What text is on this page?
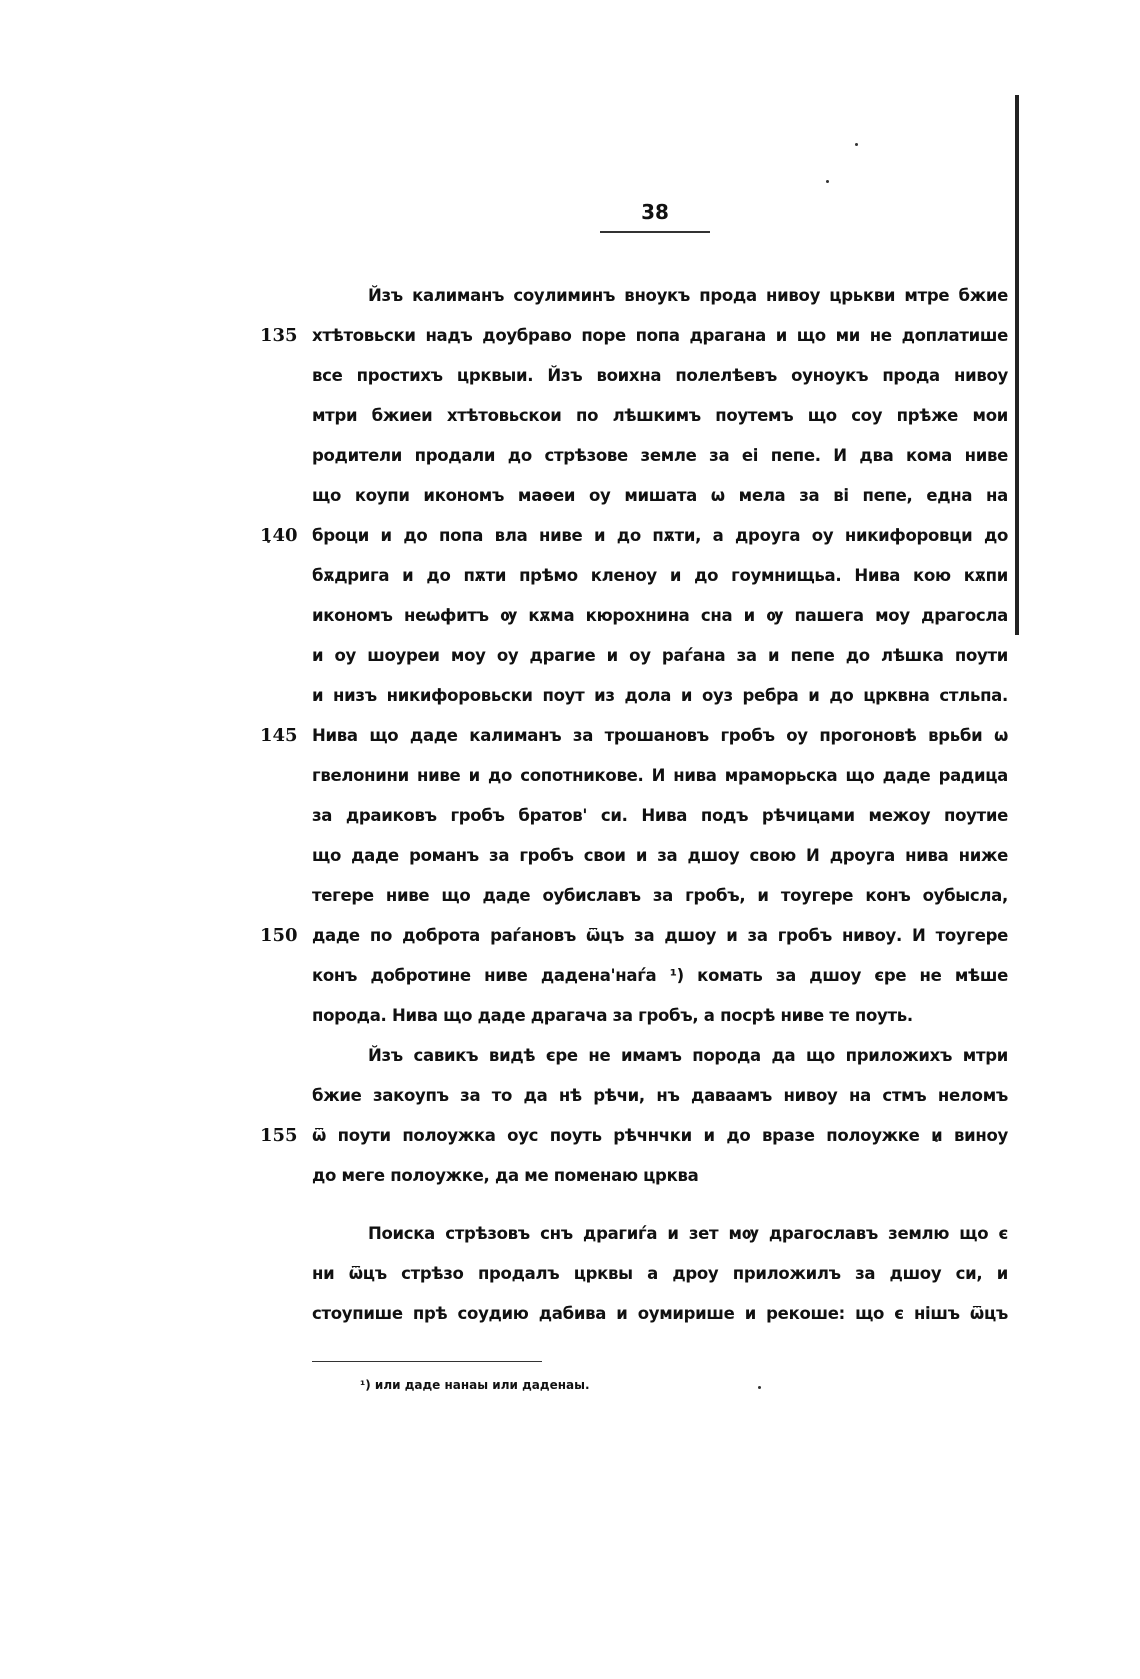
38
Йзъ калиманъ соулиминъ вноукъ прода нивоу црькви мтре бжие
135 хтѣтовьски надъ доубраво поре попа драгана и що ми не доплатише
все простихъ црквыи. Йзъ воихна полелѣевъ оуноукъ прода нивоу
мтри бжиеи хтѣтовьскои по лѣшкимъ поутемъ що соу прѣже мои
родители продали до стрѣзове земле за еі пепе. И два кома ниве
що коупи икономъ маѳеи оу мишата ѡ мела за ві пепе, една на
140 броци и до попа вла ниве и до пѫти, а дроуга оу никифоровци до
бѫдрига и до пѫти прѣмо кленоу и до гоумнищьа. Нива кою кѫпи
икономъ неѡфитъ ѹ кѫма кюрохнина сна и ѹ пашега моу драгосла
и оу шоуреи моу оу драгие и оу раѓана за и пепе до лѣшка поути
и низъ никифоровьски поут из дола и оуз ребра и до црквна стльпа.
145 Нива що даде калиманъ за трошановъ гробъ оу прогоновѣ врьби ѡ
гвелонини ниве и до сопотникове. И нива мраморьска що даде радица
за драиковъ гробъ братов' си. Нива подъ рѣчицами межоу поутие
що даде романъ за гробъ свои и за дшоу свою И дроуга нива ниже
тегере ниве що даде оубиславъ за гробъ, и тоугере конъ оубысла,
150 даде по доброта раѓановъ ѿцъ за дшоу и за гробъ нивоу. И тоугере
конъ добротине ниве дадена'наѓа ¹) комать за дшоу єре не мѣше
порода. Нива що даде драгача за гробъ, а посрѣ ниве те поуть.
Йзъ савикъ видѣ єре не имамъ порода да що приложихъ мтри
бжие закоупъ за то да нѣ рѣчи, нъ даваамъ нивоу на стмъ неломъ
155 ѿ поути полоужка оус поуть рѣчнчки и до вразе полоужке и виноу
до меге полоужке, да ме поменаю црква
Поиска стрѣзовъ снъ драгиѓа и зет мѹ драгославъ землю що є
ни ѿцъ стрѣзо продалъ црквы а дроу приложилъ за дшоу си, и
стоупише прѣ соудию дабива и оумирише и рекоше: що є нішъ ѿцъ
¹) или даде нанаы или даденаы.
